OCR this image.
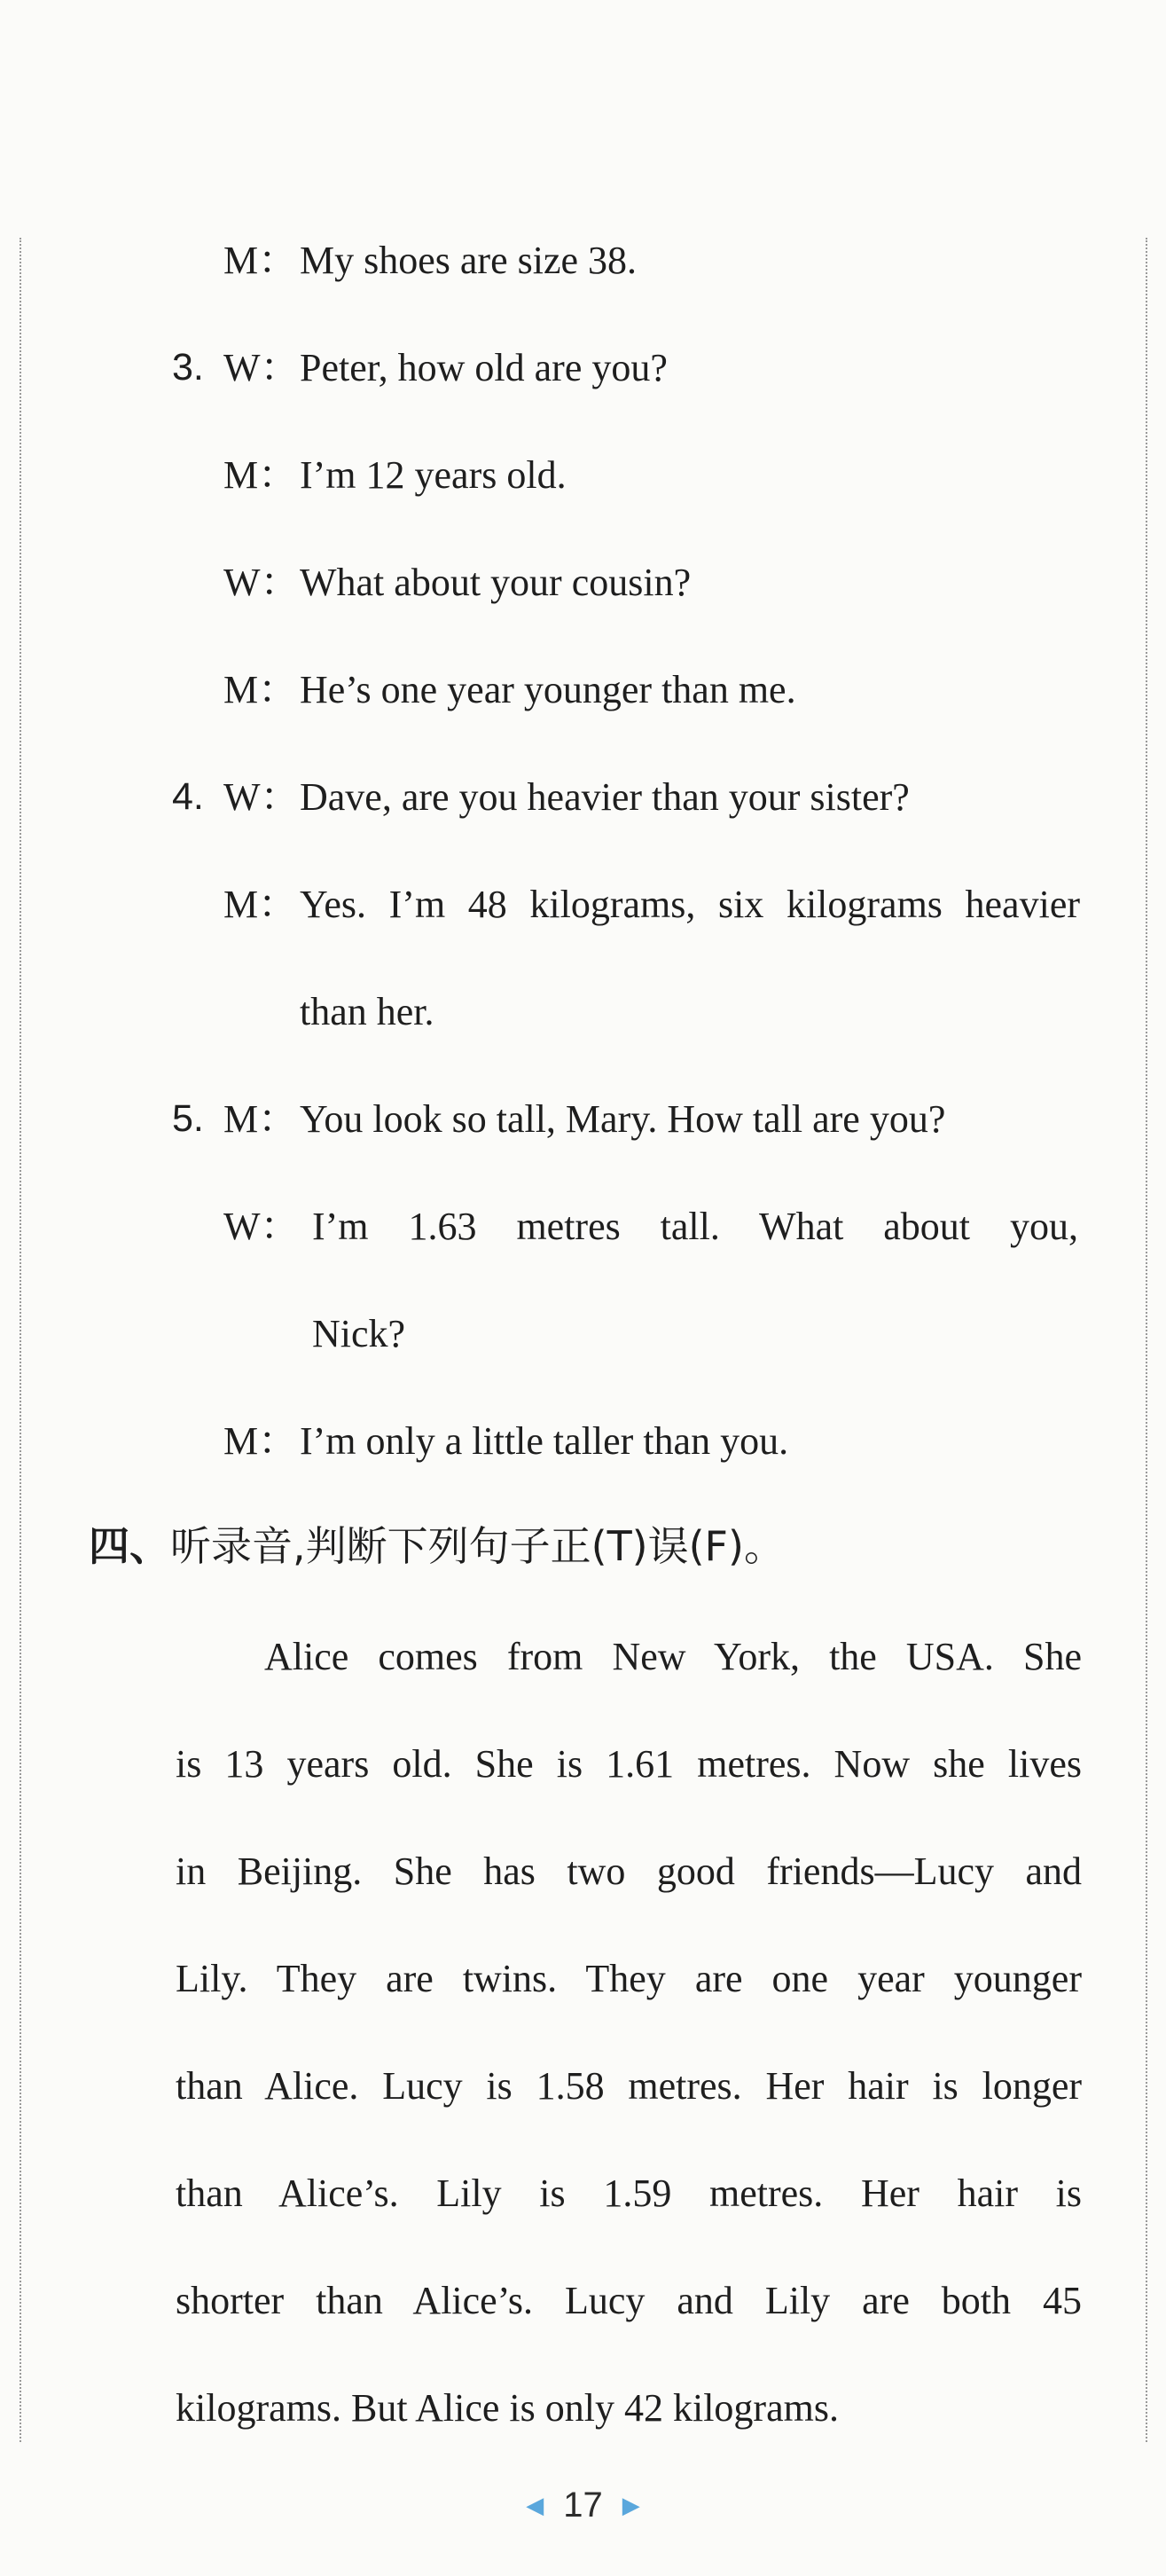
M： My shoes are size 38.
3. W： Peter, how old are you?
M： I’m 12 years old.
W： What about your cousin?
M： He’s one year younger than me.
4. W： Dave, are you heavier than your sister?
M： Yes. I’m 48 kilograms, six kilograms heavier
than her.
5. M： You look so tall, Mary. How tall are you?
W： I’m 1.63 metres tall. What about you,
Nick?
M： I’m only a little taller than you.
四、听录音,判断下列句子正(T)误(F)。
Alice comes from New York, the USA. She
is 13 years old. She is 1.61 metres. Now she lives
in Beijing. She has two good friends—Lucy and
Lily. They are twins. They are one year younger
than Alice. Lucy is 1.58 metres. Her hair is longer
than Alice’s. Lily is 1.59 metres. Her hair is
shorter than Alice’s. Lucy and Lily are both 45
kilograms. But Alice is only 42 kilograms.
◀ 17 ▶
